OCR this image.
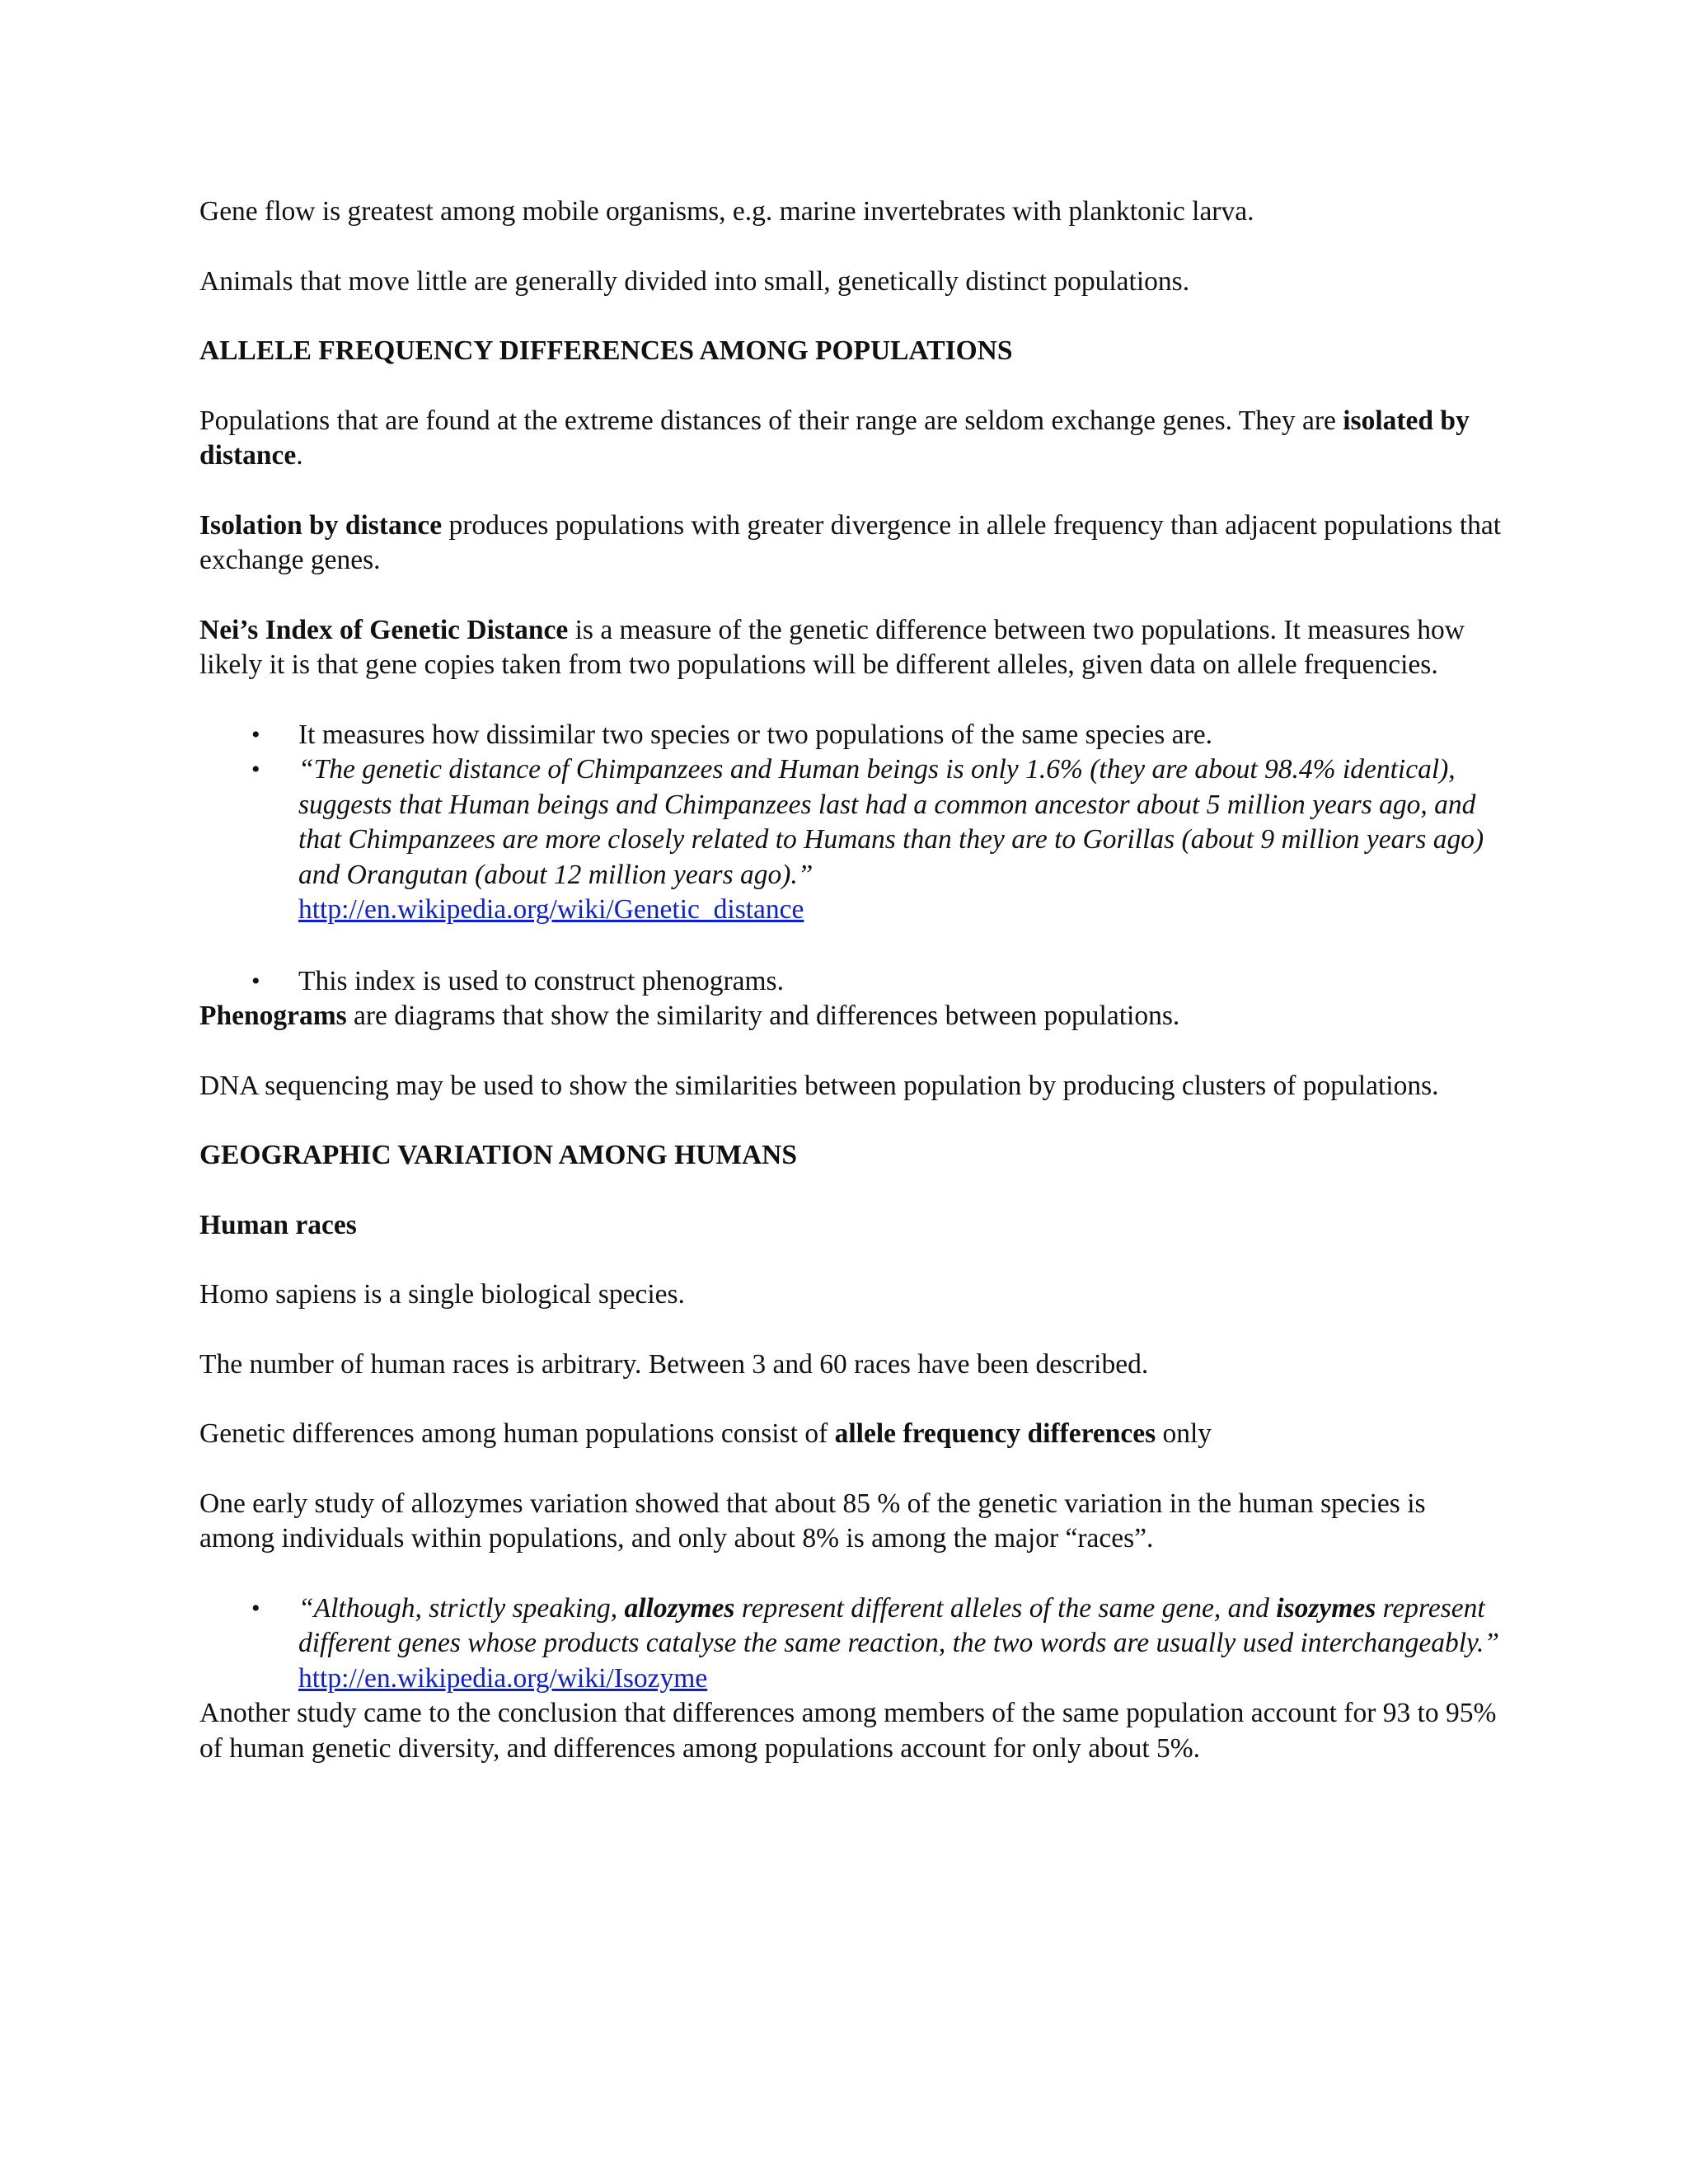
Gene flow is greatest among mobile organisms, e.g. marine invertebrates with planktonic larva.

Animals that move little are generally divided into small, genetically distinct populations.

ALLELE FREQUENCY DIFFERENCES AMONG POPULATIONS

Populations that are found at the extreme distances of their range are seldom exchange genes. They are isolated by distance.

Isolation by distance produces populations with greater divergence in allele frequency than adjacent populations that exchange genes.

Nei’s Index of Genetic Distance is a measure of the genetic difference between two populations. It measures how likely it is that gene copies taken from two populations will be different alleles, given data on allele frequencies.

• It measures how dissimilar two species or two populations of the same species are.
• “The genetic distance of Chimpanzees and Human beings is only 1.6% (they are about 98.4% identical), suggests that Human beings and Chimpanzees last had a common ancestor about 5 million years ago, and that Chimpanzees are more closely related to Humans than they are to Gorillas (about 9 million years ago) and Orangutan (about 12 million years ago).”
http://en.wikipedia.org/wiki/Genetic_distance
• This index is used to construct phenograms.

Phenograms are diagrams that show the similarity and differences between populations.

DNA sequencing may be used to show the similarities between population by producing clusters of populations.

GEOGRAPHIC VARIATION AMONG HUMANS

Human races

Homo sapiens is a single biological species.

The number of human races is arbitrary. Between 3 and 60 races have been described.

Genetic differences among human populations consist of allele frequency differences only

One early study of allozymes variation showed that about 85 % of the genetic variation in the human species is among individuals within populations, and only about 8% is among the major “races”.

• “Although, strictly speaking, allozymes represent different alleles of the same gene, and isozymes represent different genes whose products catalyse the same reaction, the two words are usually used interchangeably.” http://en.wikipedia.org/wiki/Isozyme

Another study came to the conclusion that differences among members of the same population account for 93 to 95% of human genetic diversity, and differences among populations account for only about 5%.
